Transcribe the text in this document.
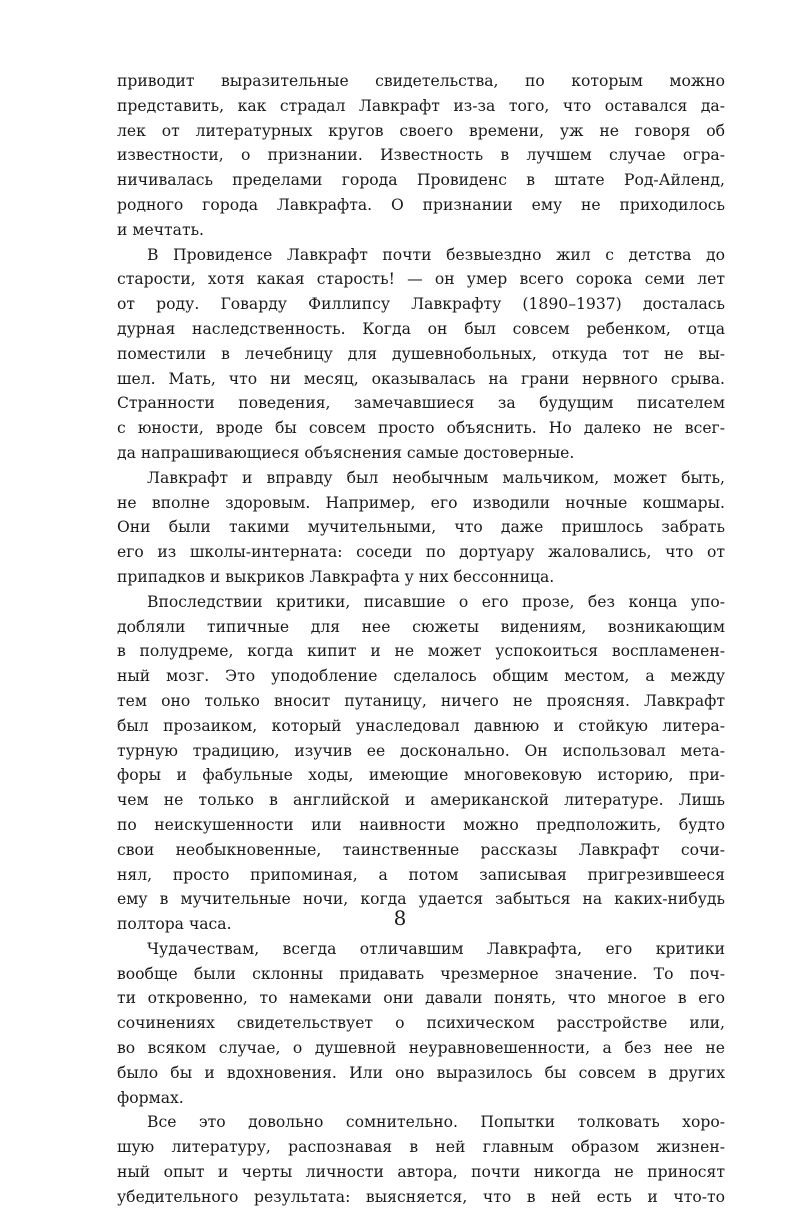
приводит выразительные свидетельства, по которым можно
представить, как страдал Лавкрафт из-за того, что оставался да-
лек от литературных кругов своего времени, уж не говоря об
известности, о признании. Известность в лучшем случае огра-
ничивалась пределами города Провиденс в штате Род-Айленд,
родного города Лавкрафта. О признании ему не приходилось
и мечтать.
В Провиденсе Лавкрафт почти безвыездно жил с детства до
старости, хотя какая старость! — он умер всего сорока семи лет
от роду. Говарду Филлипсу Лавкрафту (1890–1937) досталась
дурная наследственность. Когда он был совсем ребенком, отца
поместили в лечебницу для душевнобольных, откуда тот не вы-
шел. Мать, что ни месяц, оказывалась на грани нервного срыва.
Странности поведения, замечавшиеся за будущим писателем
с юности, вроде бы совсем просто объяснить. Но далеко не всег-
да напрашивающиеся объяснения самые достоверные.
Лавкрафт и вправду был необычным мальчиком, может быть,
не вполне здоровым. Например, его изводили ночные кошмары.
Они были такими мучительными, что даже пришлось забрать
его из школы-интерната: соседи по дортуару жаловались, что от
припадков и выкриков Лавкрафта у них бессонница.
Впоследствии критики, писавшие о его прозе, без конца упо-
добляли типичные для нее сюжеты видениям, возникающим
в полудреме, когда кипит и не может успокоиться воспламенен-
ный мозг. Это уподобление сделалось общим местом, а между
тем оно только вносит путаницу, ничего не проясняя. Лавкрафт
был прозаиком, который унаследовал давнюю и стойкую литера-
турную традицию, изучив ее досконально. Он использовал мета-
форы и фабульные ходы, имеющие многовековую историю, при-
чем не только в английской и американской литературе. Лишь
по неискушенности или наивности можно предположить, будто
свои необыкновенные, таинственные рассказы Лавкрафт сочи-
нял, просто припоминая, а потом записывая пригрезившееся
ему в мучительные ночи, когда удается забыться на каких-нибудь
полтора часа.
Чудачествам, всегда отличавшим Лавкрафта, его критики
вообще были склонны придавать чрезмерное значение. То поч-
ти откровенно, то намеками они давали понять, что многое в его
сочинениях свидетельствует о психическом расстройстве или,
во всяком случае, о душевной неуравновешенности, а без нее не
было бы и вдохновения. Или оно выразилось бы совсем в других
формах.
Все это довольно сомнительно. Попытки толковать хоро-
шую литературу, распознавая в ней главным образом жизнен-
ный опыт и черты личности автора, почти никогда не приносят
убедительного результата: выясняется, что в ней есть и что-то
8
